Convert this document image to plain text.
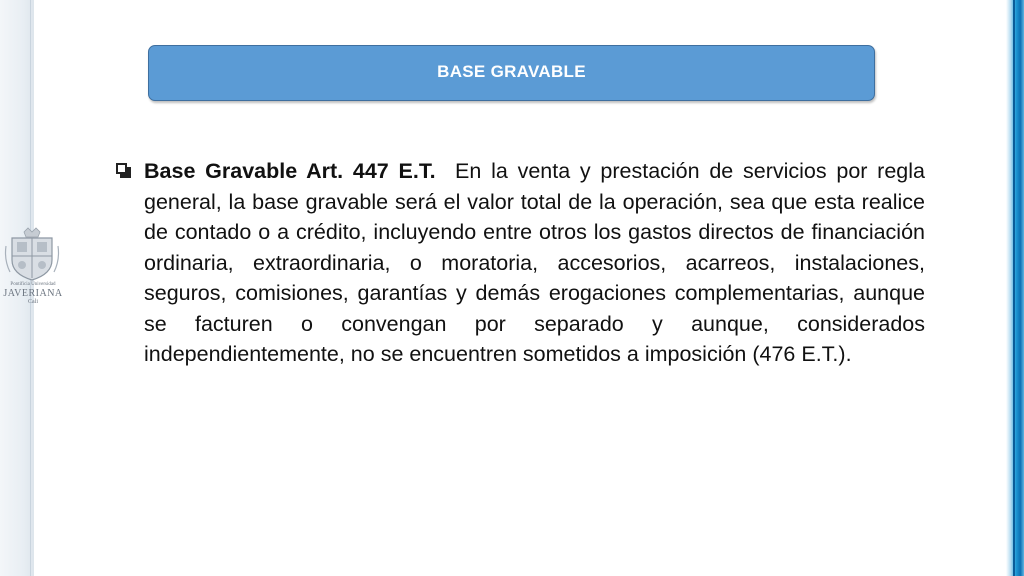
Pontificia Universidad
JAVERIANA
Cali
BASE GRAVABLE

Base Gravable Art. 447 E.T. En la venta y prestación de servicios por regla general, la base gravable será el valor total de la operación, sea que esta realice de contado o a crédito, incluyendo entre otros los gastos directos de financiación ordinaria, extraordinaria, o moratoria, accesorios, acarreos, instalaciones, seguros, comisiones, garantías y demás erogaciones complementarias, aunque se facturen o convengan por separado y aunque, considerados independientemente, no se encuentren sometidos a imposición (476 E.T.).
